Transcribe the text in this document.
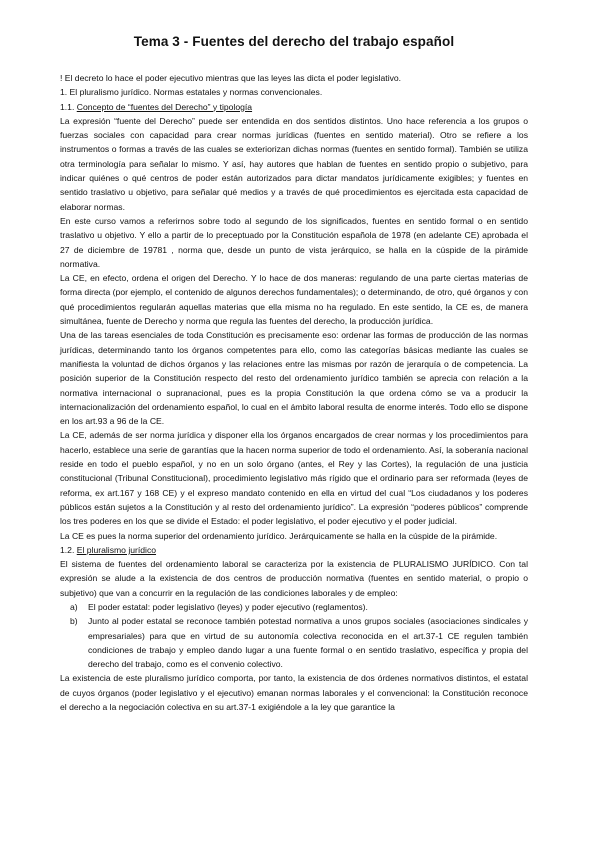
Tema 3 - Fuentes del derecho del trabajo español

! El decreto lo hace el poder ejecutivo mientras que las leyes las dicta el poder legislativo.

1. El pluralismo jurídico. Normas estatales y normas convencionales.

1.1. Concepto de “fuentes del Derecho” y tipología

La expresión “fuente del Derecho” puede ser entendida en dos sentidos distintos. Uno hace referencia a los grupos o fuerzas sociales con capacidad para crear normas jurídicas (fuentes en sentido material). Otro se refiere a los instrumentos o formas a través de las cuales se exteriorizan dichas normas (fuentes en sentido formal). También se utiliza otra terminología para señalar lo mismo. Y así, hay autores que hablan de fuentes en sentido propio o subjetivo, para indicar quiénes o qué centros de poder están autorizados para dictar mandatos jurídicamente exigibles; y fuentes en sentido traslativo u objetivo, para señalar qué medios y a través de qué procedimientos es ejercitada esta capacidad de elaborar normas.

En este curso vamos a referirnos sobre todo al segundo de los significados, fuentes en sentido formal o en sentido traslativo u objetivo. Y ello a partir de lo preceptuado por la Constitución española de 1978 (en adelante CE) aprobada el 27 de diciembre de 19781 , norma que, desde un punto de vista jerárquico, se halla en la cúspide de la pirámide normativa.

La CE, en efecto, ordena el origen del Derecho. Y lo hace de dos maneras: regulando de una parte ciertas materias de forma directa (por ejemplo, el contenido de algunos derechos fundamentales); o determinando, de otro, qué órganos y con qué procedimientos regularán aquellas materias que ella misma no ha regulado. En este sentido, la CE es, de manera simultánea, fuente de Derecho y norma que regula las fuentes del derecho, la producción jurídica.

Una de las tareas esenciales de toda Constitución es precisamente eso: ordenar las formas de producción de las normas jurídicas, determinando tanto los órganos competentes para ello, como las categorías básicas mediante las cuales se manifiesta la voluntad de dichos órganos y las relaciones entre las mismas por razón de jerarquía o de competencia. La posición superior de la Constitución respecto del resto del ordenamiento jurídico también se aprecia con relación a la normativa internacional o supranacional, pues es la propia Constitución la que ordena cómo se va a producir la internacionalización del ordenamiento español, lo cual en el ámbito laboral resulta de enorme interés. Todo ello se dispone en los art.93 a 96 de la CE.

La CE, además de ser norma jurídica y disponer ella los órganos encargados de crear normas y los procedimientos para hacerlo, establece una serie de garantías que la hacen norma superior de todo el ordenamiento. Así, la soberanía nacional reside en todo el pueblo español, y no en un solo órgano (antes, el Rey y las Cortes), la regulación de una justicia constitucional (Tribunal Constitucional), procedimiento legislativo más rígido que el ordinario para ser reformada (leyes de reforma, ex art.167 y 168 CE) y el expreso mandato contenido en ella en virtud del cual “Los ciudadanos y los poderes públicos están sujetos a la Constitución y al resto del ordenamiento jurídico”. La expresión “poderes públicos” comprende los tres poderes en los que se divide el Estado: el poder legislativo, el poder ejecutivo y el poder judicial.

La CE es pues la norma superior del ordenamiento jurídico. Jerárquicamente se halla en la cúspide de la pirámide.

1.2. El pluralismo jurídico

El sistema de fuentes del ordenamiento laboral se caracteriza por la existencia de PLURALISMO JURÍDICO. Con tal expresión se alude a la existencia de dos centros de producción normativa (fuentes en sentido material, o propio o subjetivo) que van a concurrir en la regulación de las condiciones laborales y de empleo:

a)	El poder estatal: poder legislativo (leyes) y poder ejecutivo (reglamentos).
b)	Junto al poder estatal se reconoce también potestad normativa a unos grupos sociales (asociaciones sindicales y empresariales) para que en virtud de su autonomía colectiva reconocida en el art.37-1 CE regulen también condiciones de trabajo y empleo dando lugar a una fuente formal o en sentido traslativo, específica y propia del derecho del trabajo, como es el convenio colectivo.

La existencia de este pluralismo jurídico comporta, por tanto, la existencia de dos órdenes normativos distintos, el estatal de cuyos órganos (poder legislativo y el ejecutivo) emanan normas laborales y el convencional: la Constitución reconoce el derecho a la negociación colectiva en su art.37-1 exigiéndole a la ley que garantice la
